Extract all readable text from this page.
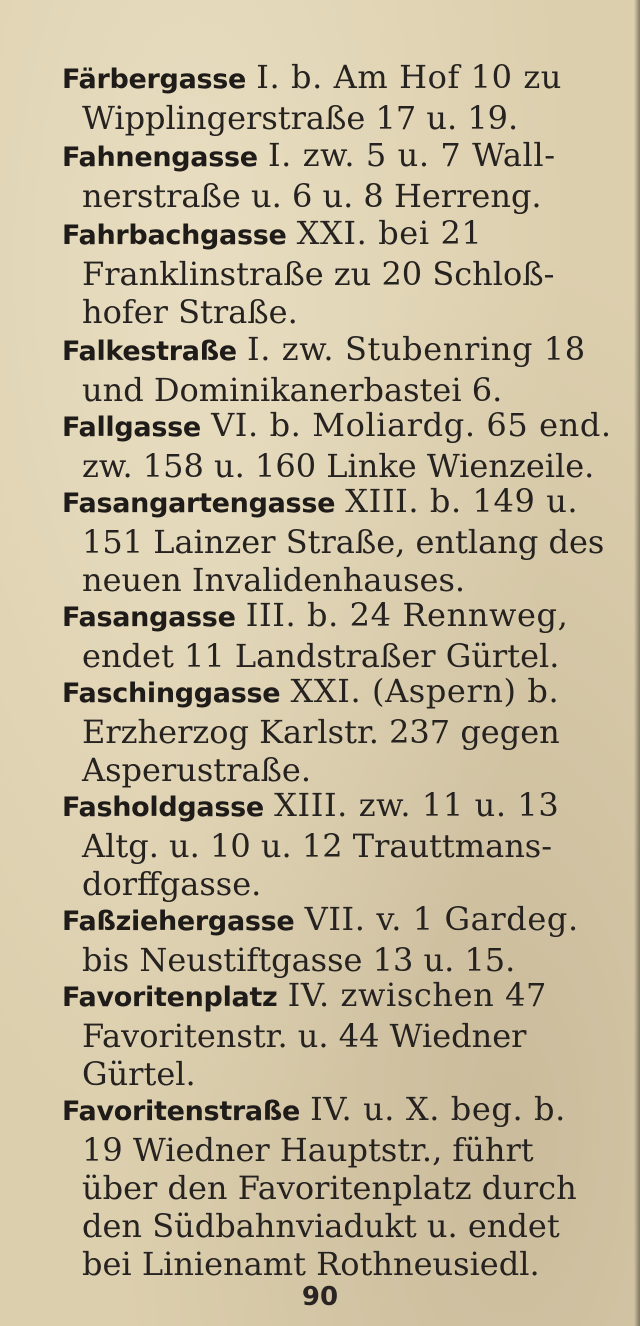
Färbergasse I. b. Am Hof 10 zu
Wipplingerstraße 17 u. 19.
Fahnengasse I. zw. 5 u. 7 Wall-
nerstraße u. 6 u. 8 Herreng.
Fahrbachgasse XXI. bei 21
Franklinstraße zu 20 Schloß-
hofer Straße.
Falkestraße I. zw. Stubenring 18
und Dominikanerbastei 6.
Fallgasse VI. b. Moliardg. 65 end.
zw. 158 u. 160 Linke Wienzeile.
Fasangartengasse XIII. b. 149 u.
151 Lainzer Straße, entlang des
neuen Invalidenhauses.
Fasangasse III. b. 24 Rennweg,
endet 11 Landstraßer Gürtel.
Faschinggasse XXI. (Aspern) b.
Erzherzog Karlstr. 237 gegen
Asperustraße.
Fasholdgasse XIII. zw. 11 u. 13
Altg. u. 10 u. 12 Trauttmans-
dorffgasse.
Faßziehergasse VII. v. 1 Gardeg.
bis Neustiftgasse 13 u. 15.
Favoritenplatz IV. zwischen 47
Favoritenstr. u. 44 Wiedner
Gürtel.
Favoritenstraße IV. u. X. beg. b.
19 Wiedner Hauptstr., führt
über den Favoritenplatz durch
den Südbahnviadukt u. endet
bei Linienamt Rothneusiedl.
90
